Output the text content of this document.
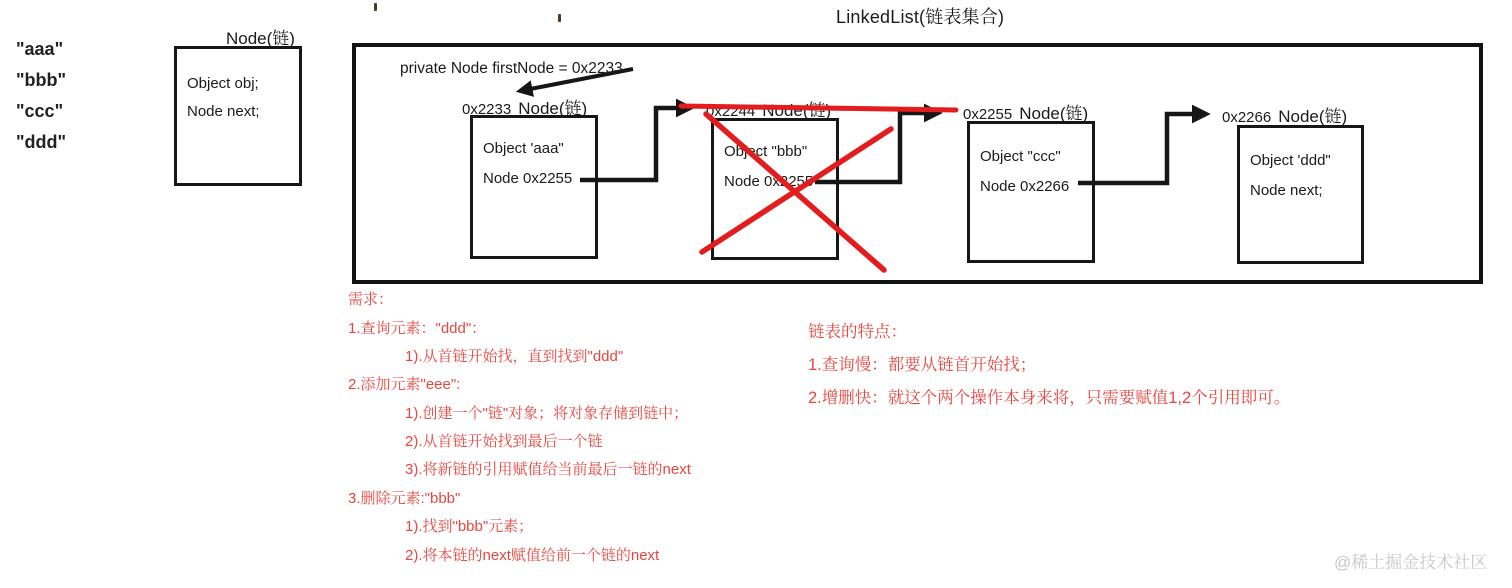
LinkedList(链表集合)
"aaa"
"bbb"
"ccc"
"ddd"
Node(链)
Object obj;
Node next;
private Node firstNode = 0x2233
0x2233 Node(链)
Object 'aaa"
Node 0x2255
0x2244 Node(链)
Object "bbb"
Node 0x2255
0x2255 Node(链)
Object "ccc"
Node 0x2266
0x2266 Node(链)
Object 'ddd"
Node next;
需求：
1.查询元素："ddd"：
1).从首链开始找，直到找到"ddd"
2.添加元素"eee":
1).创建一个"链"对象；将对象存储到链中；
2).从首链开始找到最后一个链
3).将新链的引用赋值给当前最后一链的next
3.删除元素:"bbb"
1).找到"bbb"元素；
2).将本链的next赋值给前一个链的next
链表的特点：
1.查询慢：都要从链首开始找；
2.增删快：就这个两个操作本身来将，只需要赋值1,2个引用即可。
@稀土掘金技术社区
